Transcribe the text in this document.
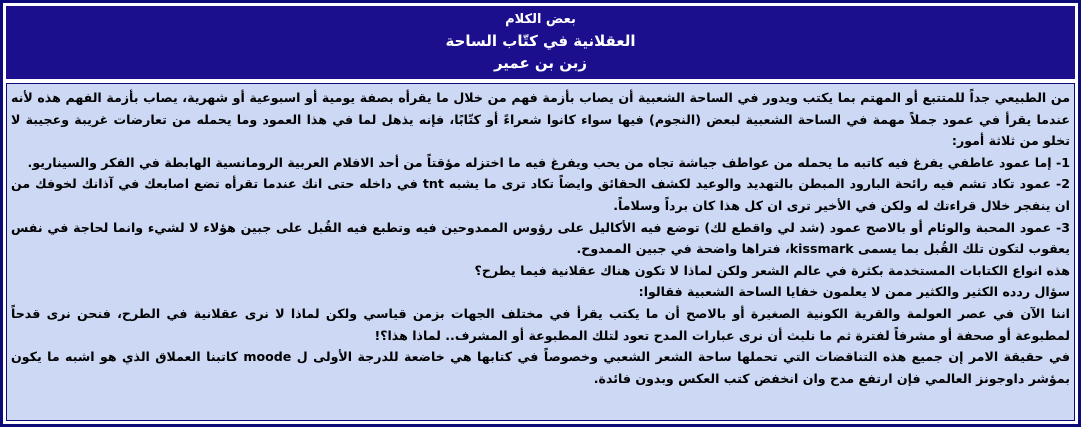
بعض الكلام
العقلانية في كتّاب الساحة
زبن بن عمير

من الطبيعي جداً للمتتبع أو المهتم بما يكتب ويدور في الساحة الشعبية أن يصاب بأزمة فهم من خلال ما يقرأه بصفة يومية أو اسبوعية أو شهرية، يصاب بأزمة الفهم هذه لأنه عندما يقرأ في عمود جملاً مهمة في الساحة الشعبية لبعض (النجوم) فيها سواء كانوا شعراءً أو كتّابًا، فإنه يذهل لما في هذا العمود وما يحمله من تعارضات غريبة وعجيبة لا تخلو من ثلاثة أمور:

1- إما عمود عاطفي يفرغ فيه كاتبه ما يحمله من عواطف جياشة تجاه من يحب ويفرغ فيه ما اختزله مؤقتاً من أحد الافلام العربية الرومانسية الهابطة في الفكر والسيناريو.

2- عمود تكاد تشم فيه رائحة البارود المبطن بالتهديد والوعيد لكشف الحقائق وايضاً تكاد ترى ما يشبه tnt في داخله حتى انك عندما تقرأه تضع اصابعك في آذانك لخوفك من ان ينفجر خلال قراءتك له ولكن في الأخير ترى ان كل هذا كان برداً وسلاماً.

3- عمود المحبة والوئام أو بالاصح عمود (شد لي واقطع لك) توضع فيه الأكاليل على رؤوس الممدوحين فيه وتطبع فيه القُبل على جبين هؤلاء لا لشيء وانما لحاجة في نفس يعقوب لتكون تلك القُبل بما يسمى kissmark، فتراها واضحة في جبين الممدوح.

هذه انواع الكتابات المستخدمة بكثرة في عالم الشعر ولكن لماذا لا تكون هناك عقلانية فيما يطرح؟

سؤال ردده الكثير والكثير ممن لا يعلمون خفايا الساحة الشعبية فقالوا:

اننا الآن في عصر العولمة والقرية الكونية الصغيرة أو بالاصح أن ما يكتب يقرأ في مختلف الجهات بزمن قياسي ولكن لماذا لا نرى عقلانية في الطرح، فنحن نرى قدحاً لمطبوعة أو صحفة أو مشرفاً لفترة ثم ما نلبث أن نرى عبارات المدح تعود لتلك المطبوعة أو المشرف.. لماذا هذا؟!

في حقيقة الامر إن جميع هذه التناقضات التي تحملها ساحة الشعر الشعبي وخصوصاً في كتابها هي خاضعة للدرجة الأولى ل moode كاتبنا العملاق الذي هو اشبه ما يكون بمؤشر داوجونز العالمي فإن ارتفع مدح وان انخفض كتب العكس وبدون فائدة.
